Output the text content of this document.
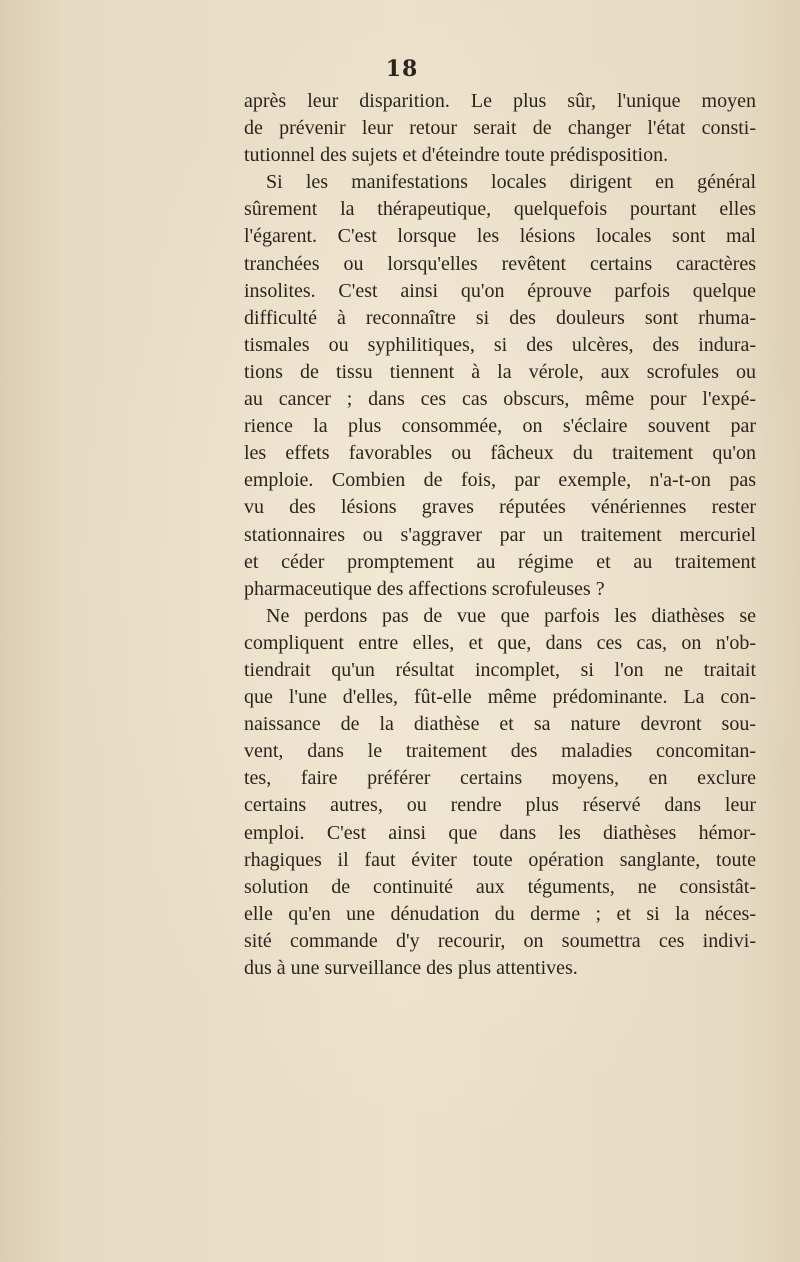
18
après leur disparition. Le plus sûr, l'unique moyen
de prévenir leur retour serait de changer l'état consti-
tutionnel des sujets et d'éteindre toute prédisposition.
Si les manifestations locales dirigent en général
sûrement la thérapeutique, quelquefois pourtant elles
l'égarent. C'est lorsque les lésions locales sont mal
tranchées ou lorsqu'elles revêtent certains caractères
insolites. C'est ainsi qu'on éprouve parfois quelque
difficulté à reconnaître si des douleurs sont rhuma-
tismales ou syphilitiques, si des ulcères, des indura-
tions de tissu tiennent à la vérole, aux scrofules ou
au cancer ; dans ces cas obscurs, même pour l'expé-
rience la plus consommée, on s'éclaire souvent par
les effets favorables ou fâcheux du traitement qu'on
emploie. Combien de fois, par exemple, n'a-t-on pas
vu des lésions graves réputées vénériennes rester
stationnaires ou s'aggraver par un traitement mercuriel
et céder promptement au régime et au traitement
pharmaceutique des affections scrofuleuses ?
Ne perdons pas de vue que parfois les diathèses se
compliquent entre elles, et que, dans ces cas, on n'ob-
tiendrait qu'un résultat incomplet, si l'on ne traitait
que l'une d'elles, fût-elle même prédominante. La con-
naissance de la diathèse et sa nature devront sou-
vent, dans le traitement des maladies concomitan-
tes, faire préférer certains moyens, en exclure
certains autres, ou rendre plus réservé dans leur
emploi. C'est ainsi que dans les diathèses hémor-
rhagiques il faut éviter toute opération sanglante, toute
solution de continuité aux téguments, ne consistât-
elle qu'en une dénudation du derme ; et si la néces-
sité commande d'y recourir, on soumettra ces indivi-
dus à une surveillance des plus attentives.
